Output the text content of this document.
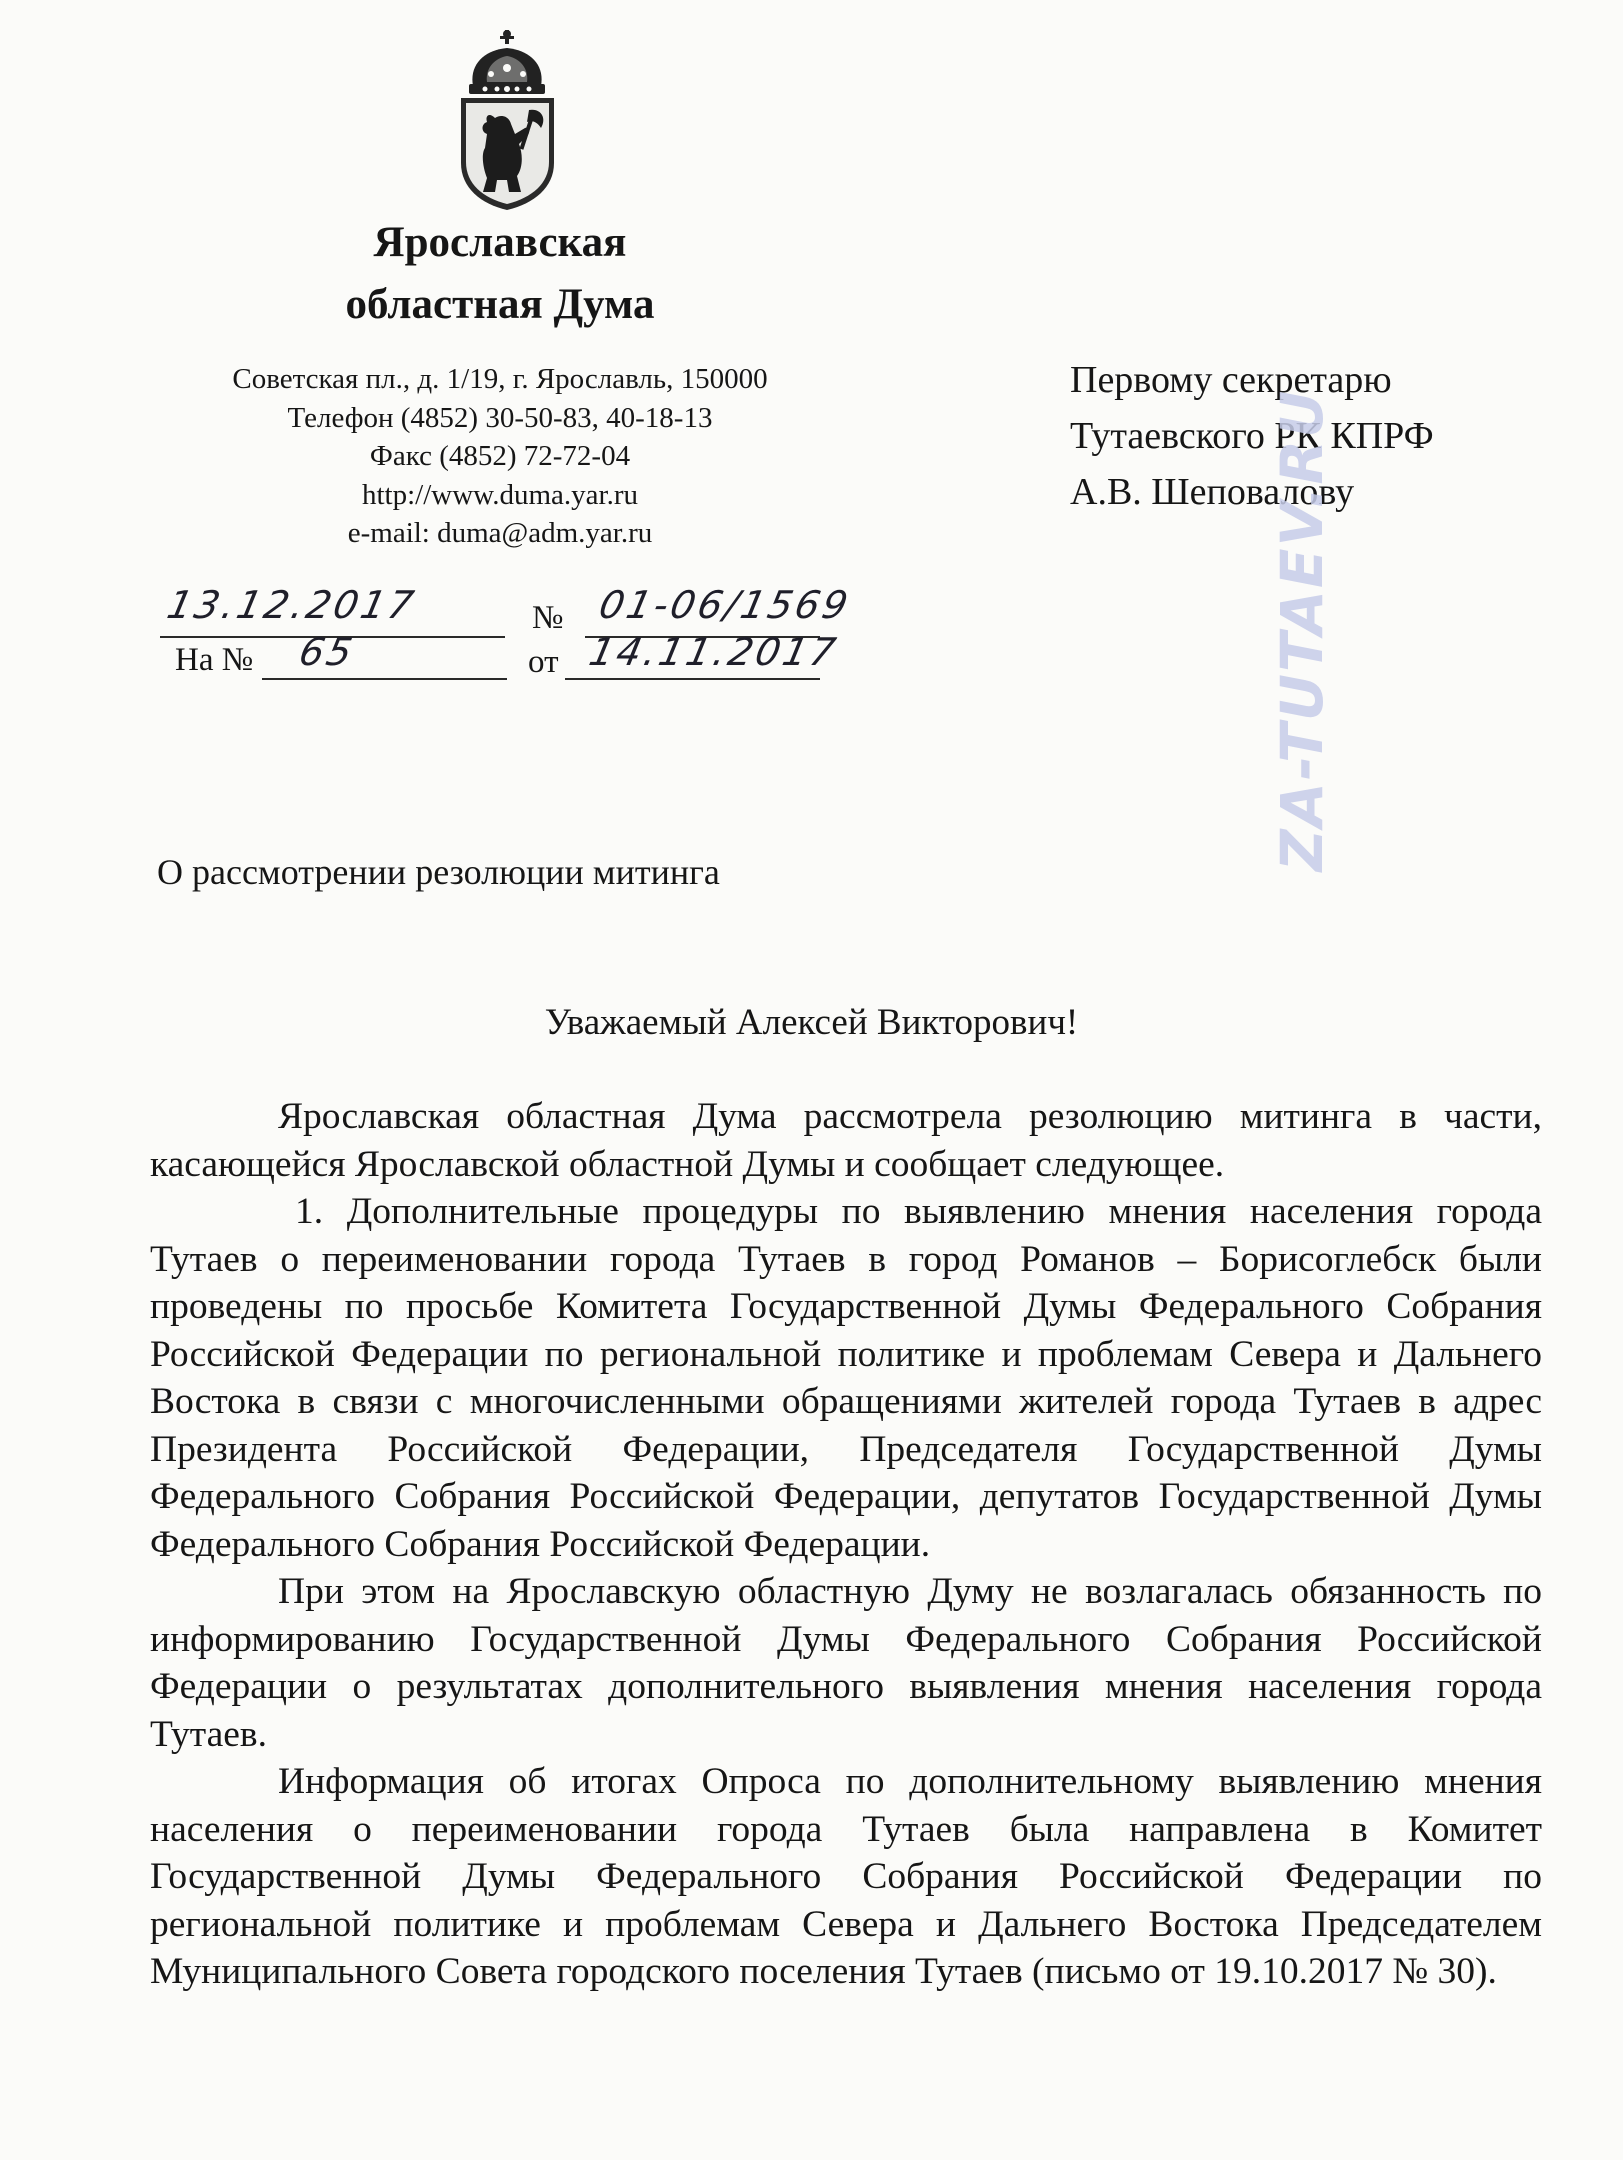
Ярославская
областная Дума
Советская пл., д. 1/19, г. Ярославль, 150000
Телефон (4852) 30-50-83, 40-18-13
Факс (4852) 72-72-04
http://www.duma.yar.ru
e-mail: duma@adm.yar.ru
Первому секретарю
Тутаевского РК КПРФ
А.В. Шеповалову
13.12.2017	№ 01-06/1569
На № 65	от 14.11.2017
О рассмотрении резолюции митинга
Уважаемый Алексей Викторович!

Ярославская областная Дума рассмотрела резолюцию митинга в части, касающейся Ярославской областной Думы и сообщает следующее.

1. Дополнительные процедуры по выявлению мнения населения города Тутаев о переименовании города Тутаев в город Романов – Борисоглебск были проведены по просьбе Комитета Государственной Думы Федерального Собрания Российской Федерации по региональной политике и проблемам Севера и Дальнего Востока в связи с многочисленными обращениями жителей города Тутаев в адрес Президента Российской Федерации, Председателя Государственной Думы Федерального Собрания Российской Федерации, депутатов Государственной Думы Федерального Собрания Российской Федерации.

При этом на Ярославскую областную Думу не возлагалась обязанность по информированию Государственной Думы Федерального Собрания Российской Федерации о результатах дополнительного выявления мнения населения города Тутаев.

Информация об итогах Опроса по дополнительному выявлению мнения населения о переименовании города Тутаев была направлена в Комитет Государственной Думы Федерального Собрания Российской Федерации по региональной политике и проблемам Севера и Дальнего Востока Председателем Муниципального Совета городского поселения Тутаев (письмо от 19.10.2017 № 30).

ZA-TUTAEV.RU
